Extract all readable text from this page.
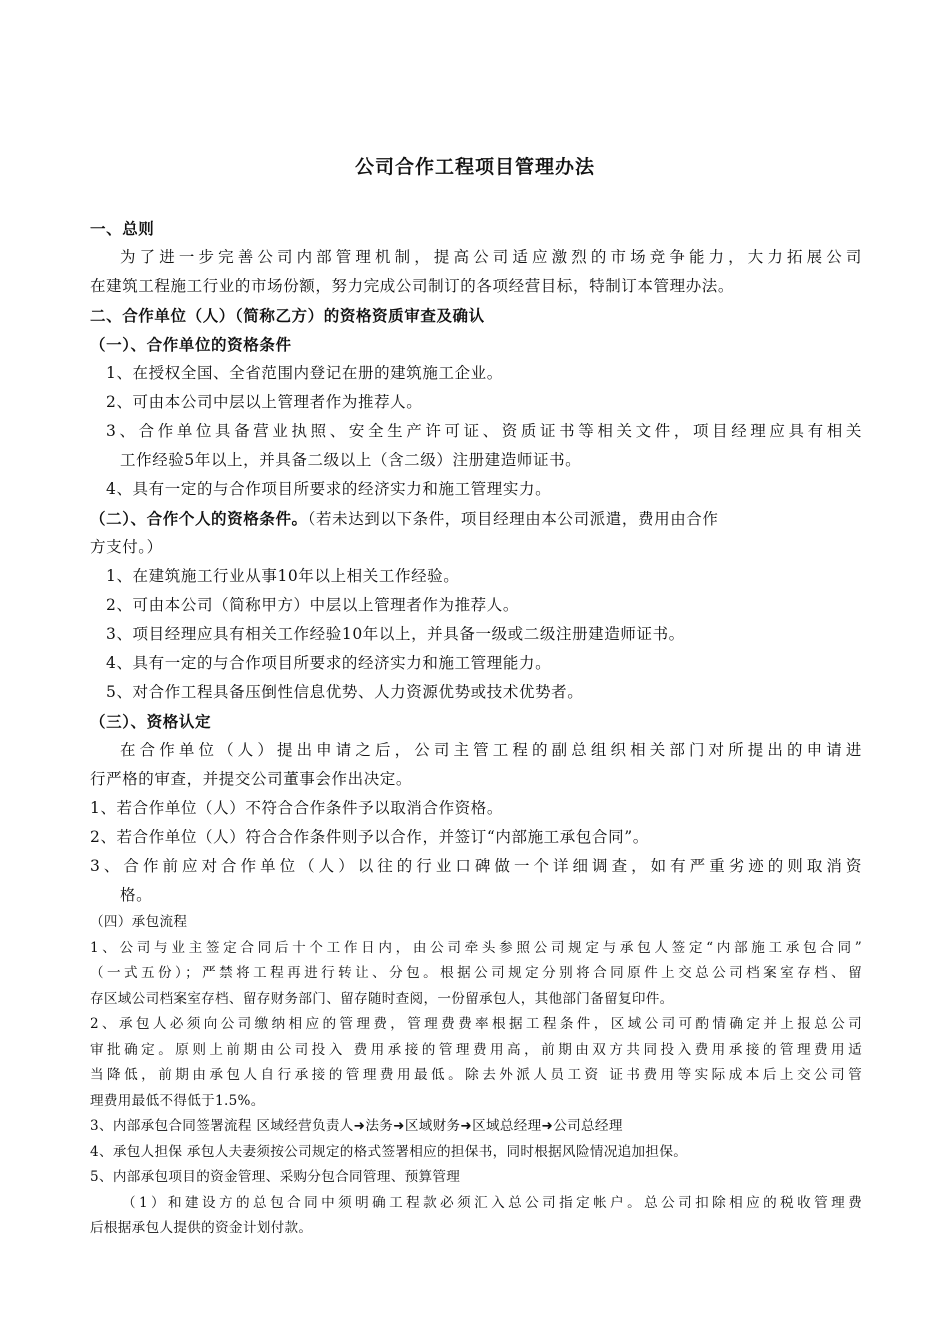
公司合作工程项目管理办法
一、总则
为了进一步完善公司内部管理机制，提高公司适应激烈的市场竞争能力，大力拓展公司
在建筑工程施工行业的市场份额，努力完成公司制订的各项经营目标，特制订本管理办法。
二、合作单位（人）（简称乙方）的资格资质审查及确认
（一）、合作单位的资格条件
1、在授权全国、全省范围内登记在册的建筑施工企业。
2、可由本公司中层以上管理者作为推荐人。
3、合作单位具备营业执照、安全生产许可证、资质证书等相关文件，项目经理应具有相关
工作经验5年以上，并具备二级以上（含二级）注册建造师证书。
4、具有一定的与合作项目所要求的经济实力和施工管理实力。
（二）、合作个人的资格条件。（若未达到以下条件，项目经理由本公司派遣，费用由合作
方支付。）
1、在建筑施工行业从事10年以上相关工作经验。
2、可由本公司（简称甲方）中层以上管理者作为推荐人。
3、项目经理应具有相关工作经验10年以上，并具备一级或二级注册建造师证书。
4、具有一定的与合作项目所要求的经济实力和施工管理能力。
5、对合作工程具备压倒性信息优势、人力资源优势或技术优势者。
（三）、资格认定
在合作单位（人）提出申请之后，公司主管工程的副总组织相关部门对所提出的申请进
行严格的审查，并提交公司董事会作出决定。
1、若合作单位（人）不符合合作条件予以取消合作资格。
2、若合作单位（人）符合合作条件则予以合作，并签订“内部施工承包合同”。
3、合作前应对合作单位（人）以往的行业口碑做一个详细调查，如有严重劣迹的则取消资
格。
（四）承包流程
1、公司与业主签定合同后十个工作日内，由公司牵头参照公司规定与承包人签定“内部施工承包合同”
（一式五份）；严禁将工程再进行转让、分包。根据公司规定分别将合同原件上交总公司档案室存档、留
存区域公司档案室存档、留存财务部门、留存随时查阅，一份留承包人，其他部门备留复印件。
2、承包人必须向公司缴纳相应的管理费，管理费费率根据工程条件，区域公司可酌情确定并上报总公司
审批确定。原则上前期由公司投入 费用承接的管理费用高，前期由双方共同投入费用承接的管理费用适
当降低，前期由承包人自行承接的管理费用最低。除去外派人员工资 证书费用等实际成本后上交公司管
理费用最低不得低于1.5%。
3、内部承包合同签署流程 区域经营负责人➜法务➜区域财务➜区域总经理➜公司总经理
4、承包人担保 承包人夫妻须按公司规定的格式签署相应的担保书，同时根据风险情况追加担保。
5、内部承包项目的资金管理、采购分包合同管理、预算管理
（1）和建设方的总包合同中须明确工程款必须汇入总公司指定帐户。总公司扣除相应的税收管理费
后根据承包人提供的资金计划付款。
